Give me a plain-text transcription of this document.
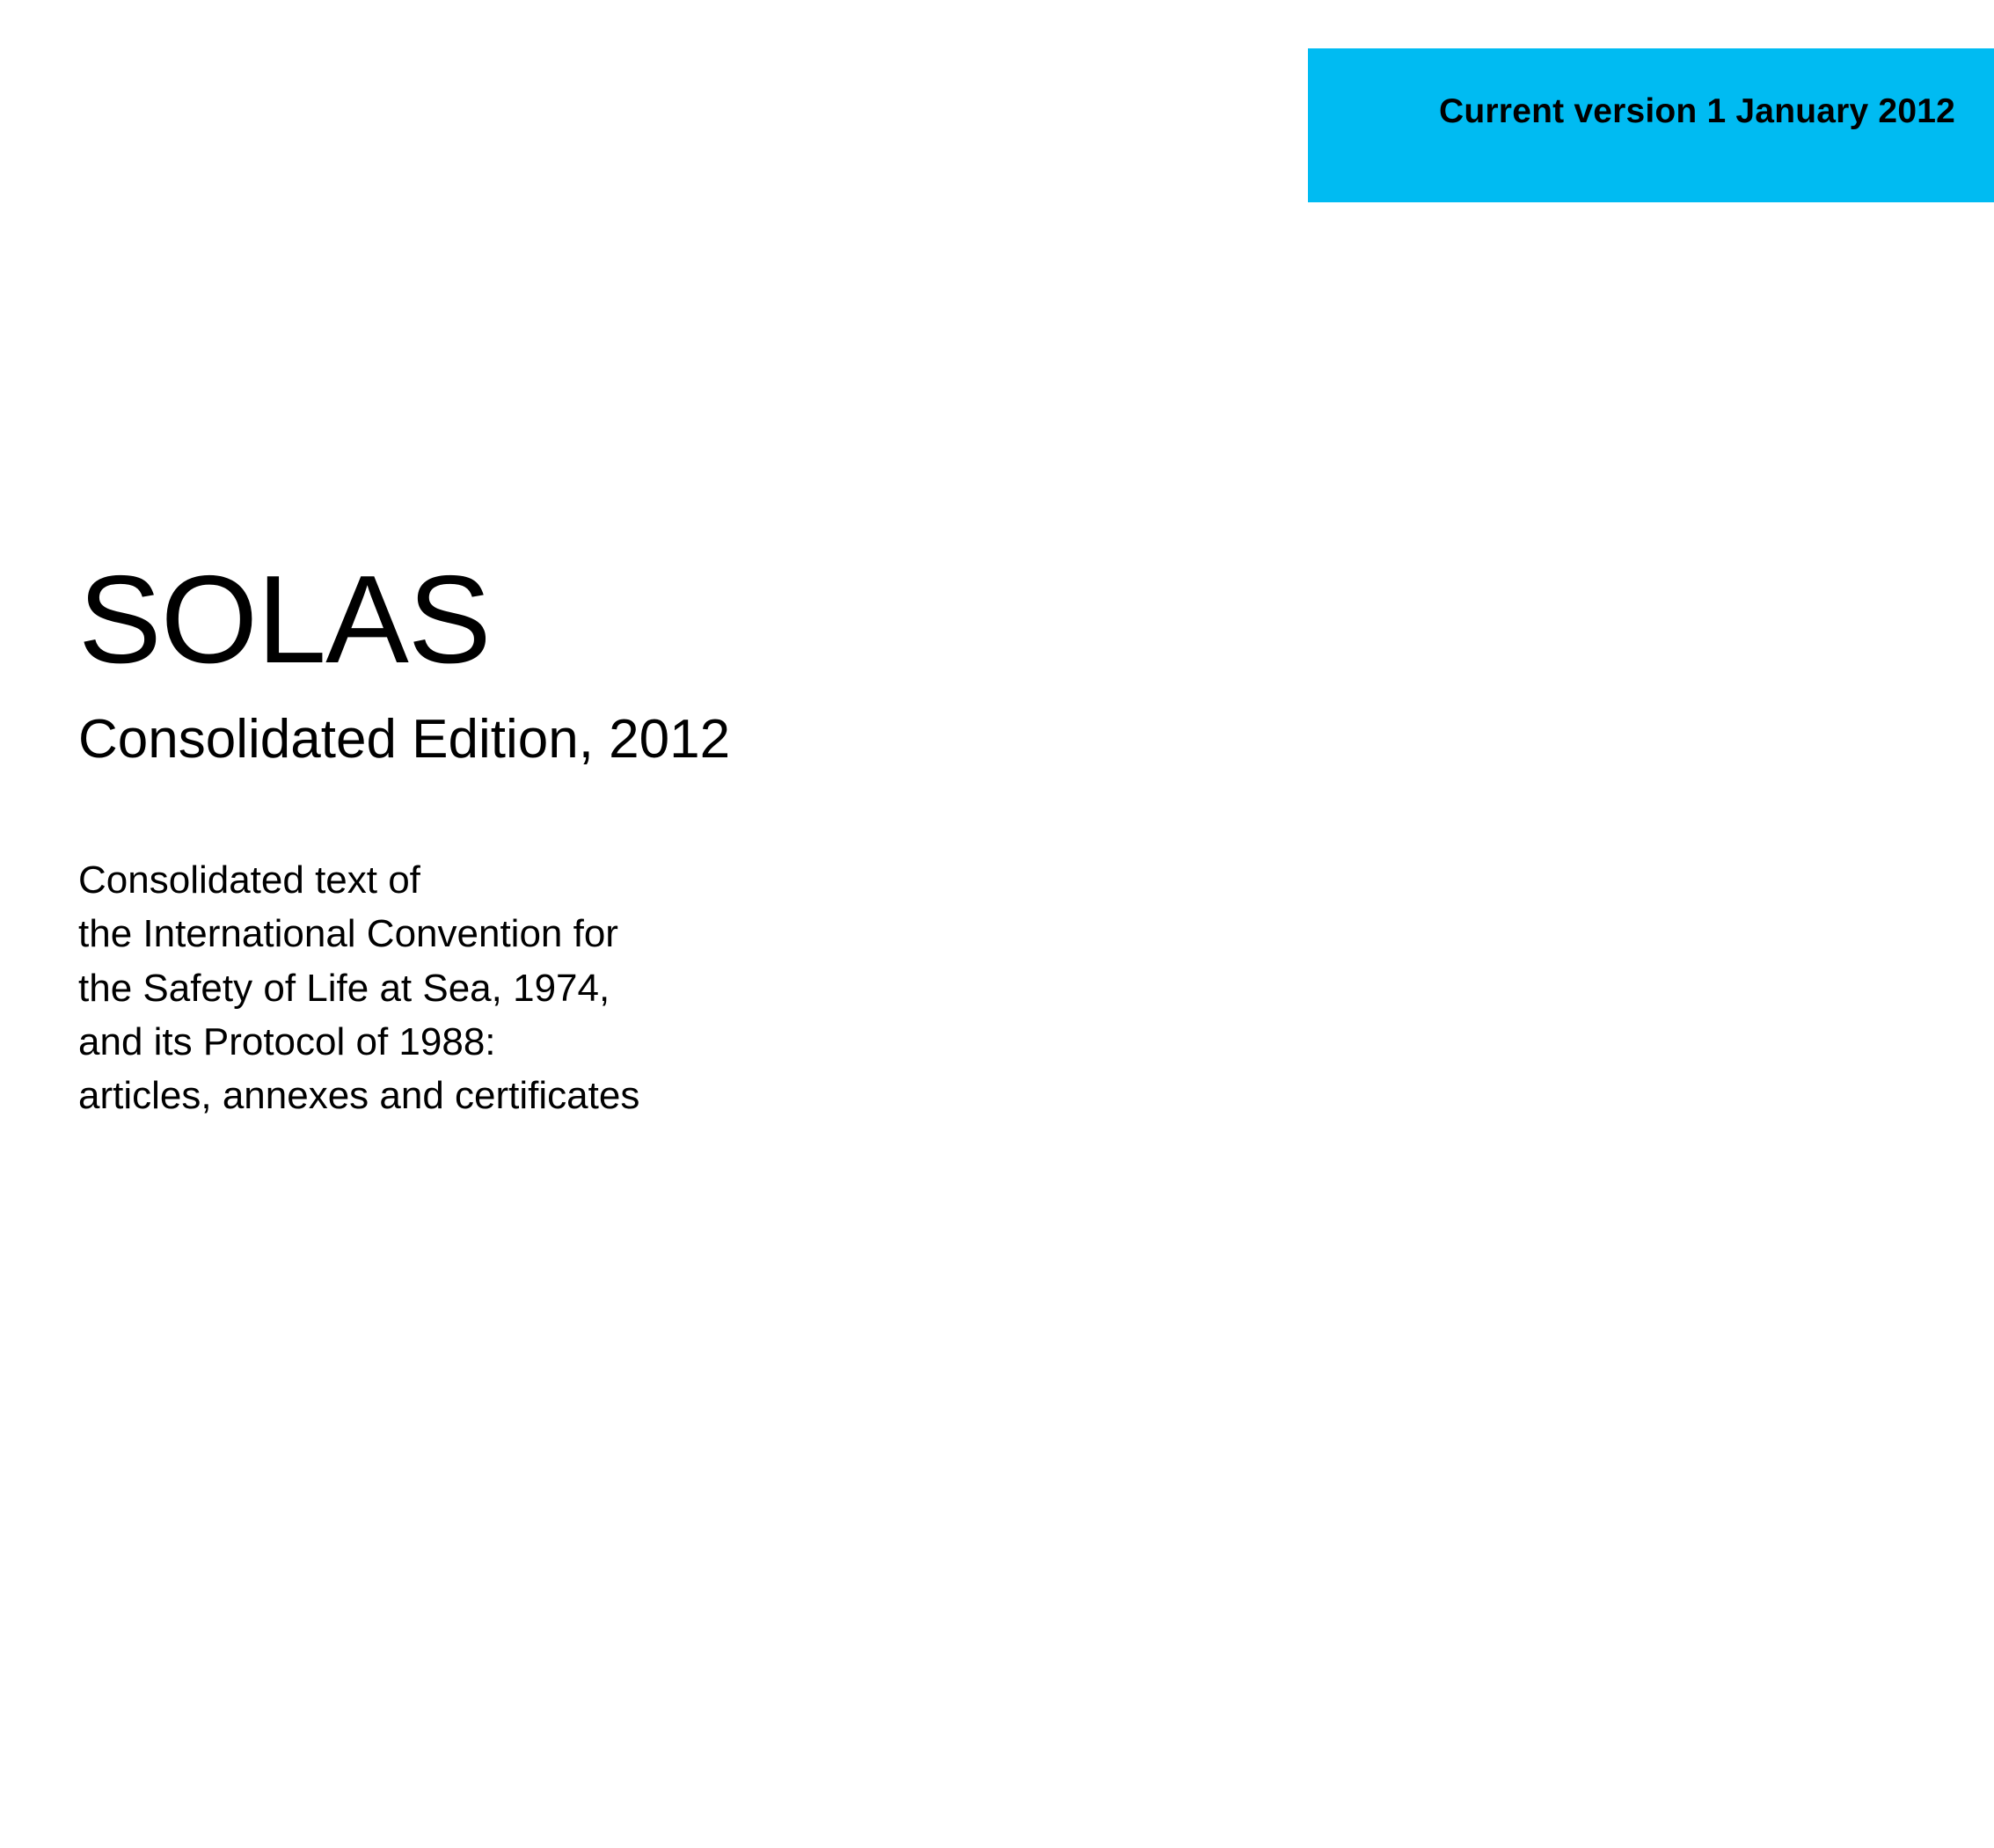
Current version 1 January 2012
SOLAS
Consolidated Edition, 2012
Consolidated text of
the International Convention for
the Safety of Life at Sea, 1974,
and its Protocol of 1988:
articles, annexes and certificates
